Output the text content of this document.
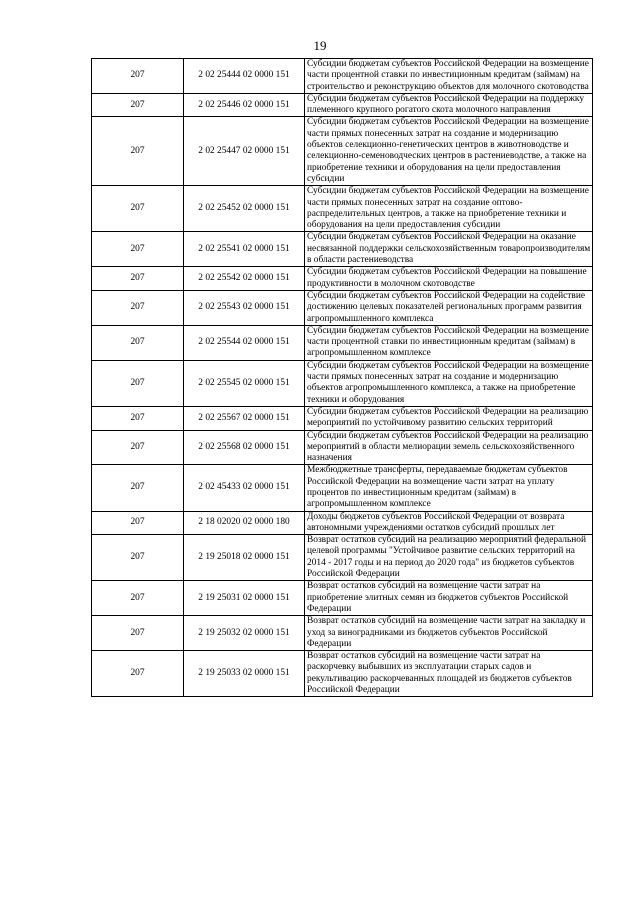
19
207	2 02 25444 02 0000 151	Субсидии бюджетам субъектов Российской Федерации на возмещение части процентной ставки по инвестиционным кредитам (займам) на строительство и реконструкцию объектов для молочного скотоводства
207	2 02 25446 02 0000 151	Субсидии бюджетам субъектов Российской Федерации на поддержку племенного крупного рогатого скота молочного направления
207	2 02 25447 02 0000 151	Субсидии бюджетам субъектов Российской Федерации на возмещение части прямых понесенных затрат на создание и модернизацию объектов селекционно-генетических центров в животноводстве и селекционно-семеноводческих центров в растениеводстве, а также на приобретение техники и оборудования на цели предоставления субсидии
207	2 02 25452 02 0000 151	Субсидии бюджетам субъектов Российской Федерации на возмещение части прямых понесенных затрат на создание оптово-распределительных центров, а также на приобретение техники и оборудования на цели предоставления субсидии
207	2 02 25541 02 0000 151	Субсидии бюджетам субъектов Российской Федерации на оказание несвязанной поддержки сельскохозяйственным товаропроизводителям в области растениеводства
207	2 02 25542 02 0000 151	Субсидии бюджетам субъектов Российской Федерации на повышение продуктивности в молочном скотоводстве
207	2 02 25543 02 0000 151	Субсидии бюджетам субъектов Российской Федерации на содействие достижению целевых показателей региональных программ развития агропромышленного комплекса
207	2 02 25544 02 0000 151	Субсидии бюджетам субъектов Российской Федерации на возмещение части процентной ставки по инвестиционным кредитам (займам) в агропромышленном комплексе
207	2 02 25545 02 0000 151	Субсидии бюджетам субъектов Российской Федерации на возмещение части прямых понесенных затрат на создание и модернизацию объектов агропромышленного комплекса, а также на приобретение техники и оборудования
207	2 02 25567 02 0000 151	Субсидии бюджетам субъектов Российской Федерации на реализацию мероприятий по устойчивому развитию сельских территорий
207	2 02 25568 02 0000 151	Субсидии бюджетам субъектов Российской Федерации на реализацию мероприятий в области мелиорации земель сельскохозяйственного назначения
207	2 02 45433 02 0000 151	Межбюджетные трансферты, передаваемые бюджетам субъектов Российской Федерации на возмещение части затрат на уплату процентов по инвестиционным кредитам (займам) в агропромышленном комплексе
207	2 18 02020 02 0000 180	Доходы бюджетов субъектов Российской Федерации от возврата автономными учреждениями остатков субсидий прошлых лет
207	2 19 25018 02 0000 151	Возврат остатков субсидий на реализацию мероприятий федеральной целевой программы "Устойчивое развитие сельских территорий на 2014 - 2017 годы и на период до 2020 года" из бюджетов субъектов Российской Федерации
207	2 19 25031 02 0000 151	Возврат остатков субсидий на возмещение части затрат на приобретение элитных семян из бюджетов субъектов Российской Федерации
207	2 19 25032 02 0000 151	Возврат остатков субсидий на возмещение части затрат на закладку и уход за виноградниками из бюджетов субъектов Российской Федерации
207	2 19 25033 02 0000 151	Возврат остатков субсидий на возмещение части затрат на раскорчевку выбывших из эксплуатации старых садов и рекультивацию раскорчеванных площадей из бюджетов субъектов Российской Федерации
